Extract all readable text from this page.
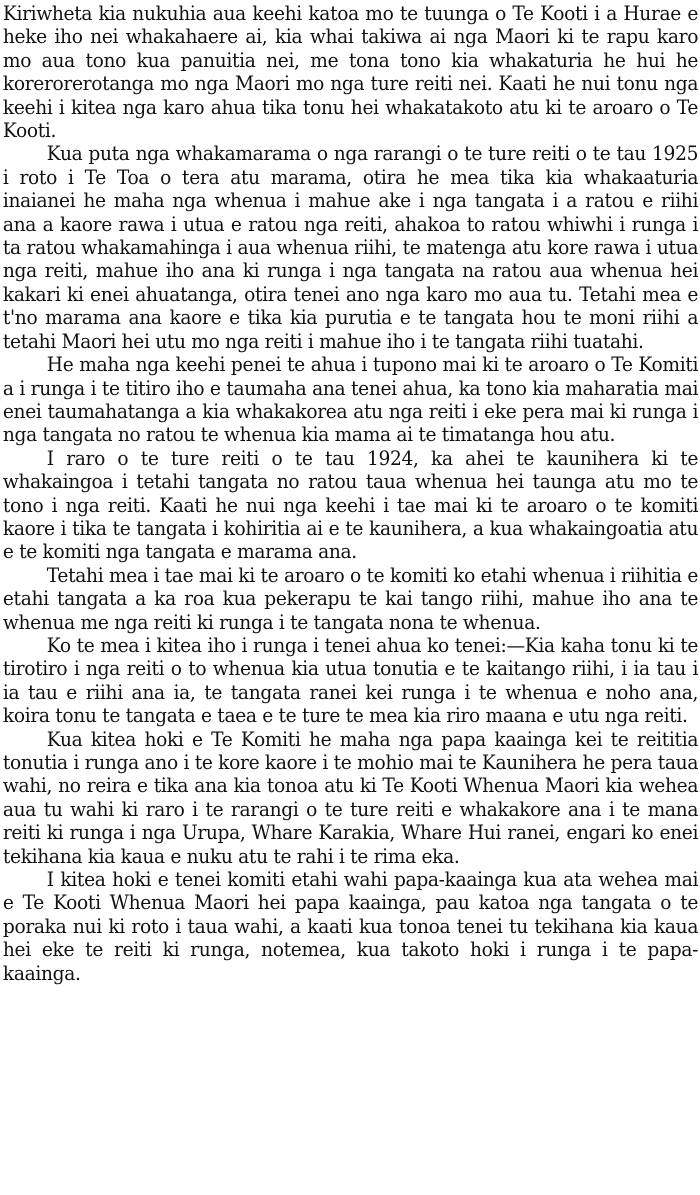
Kiriwheta kia nukuhia aua keehi katoa mo te tuunga o Te Kooti i a Hurae e heke iho nei whakahaere ai, kia whai takiwa ai nga Maori ki te rapu karo mo aua tono kua panuitia nei, me tona tono kia whakaturia he hui he korerorerotanga mo nga Maori mo nga ture reiti nei. Kaati he nui tonu nga keehi i kitea nga karo ahua tika tonu hei whakatakoto atu ki te aroaro o Te Kooti.

Kua puta nga whakamarama o nga rarangi o te ture reiti o te tau 1925 i roto i Te Toa o tera atu marama, otira he mea tika kia whakaaturia inaianei he maha nga whenua i mahue ake i nga tangata i a ratou e riihi ana a kaore rawa i utua e ratou nga reiti, ahakoa to ratou whiwhi i runga i ta ratou whakamahinga i aua whenua riihi, te matenga atu kore rawa i utua nga reiti, mahue iho ana ki runga i nga tangata na ratou aua whenua hei kakari ki enei ahuatanga, otira tenei ano nga karo mo aua tu. Tetahi mea e t'no marama ana kaore e tika kia purutia e te tangata hou te moni riihi a tetahi Maori hei utu mo nga reiti i mahue iho i te tangata riihi tuatahi.

He maha nga keehi penei te ahua i tupono mai ki te aroaro o Te Komiti a i runga i te titiro iho e taumaha ana tenei ahua, ka tono kia maharatia mai enei taumahatanga a kia whakakorea atu nga reiti i eke pera mai ki runga i nga tangata no ratou te whenua kia mama ai te timatanga hou atu.

I raro o te ture reiti o te tau 1924, ka ahei te kaunihera ki te whakaingoa i tetahi tangata no ratou taua whenua hei taunga atu mo te tono i nga reiti. Kaati he nui nga keehi i tae mai ki te aroaro o te komiti kaore i tika te tangata i kohiritia ai e te kaunihera, a kua whakaingoatia atu e te komiti nga tangata e marama ana.

Tetahi mea i tae mai ki te aroaro o te komiti ko etahi whenua i riihitia e etahi tangata a ka roa kua pekerapu te kai tango riihi, mahue iho ana te whenua me nga reiti ki runga i te tangata nona te whenua.

Ko te mea i kitea iho i runga i tenei ahua ko tenei:—Kia kaha tonu ki te tirotiro i nga reiti o to whenua kia utua tonutia e te kaitango riihi, i ia tau i ia tau e riihi ana ia, te tangata ranei kei runga i te whenua e noho ana, koira tonu te tangata e taea e te ture te mea kia riro maana e utu nga reiti.

Kua kitea hoki e Te Komiti he maha nga papa kaainga kei te reititia tonutia i runga ano i te kore kaore i te mohio mai te Kaunihera he pera taua wahi, no reira e tika ana kia tonoa atu ki Te Kooti Whenua Maori kia wehea aua tu wahi ki raro i te rarangi o te ture reiti e whakakore ana i te mana reiti ki runga i nga Urupa, Whare Karakia, Whare Hui ranei, engari ko enei tekihana kia kaua e nuku atu te rahi i te rima eka.

I kitea hoki e tenei komiti etahi wahi papa-kaainga kua ata wehea mai e Te Kooti Whenua Maori hei papa kaainga, pau katoa nga tangata o te poraka nui ki roto i taua wahi, a kaati kua tonoa tenei tu tekihana kia kaua hei eke te reiti ki runga, notemea, kua takoto hoki i runga i te papa-kaainga.
